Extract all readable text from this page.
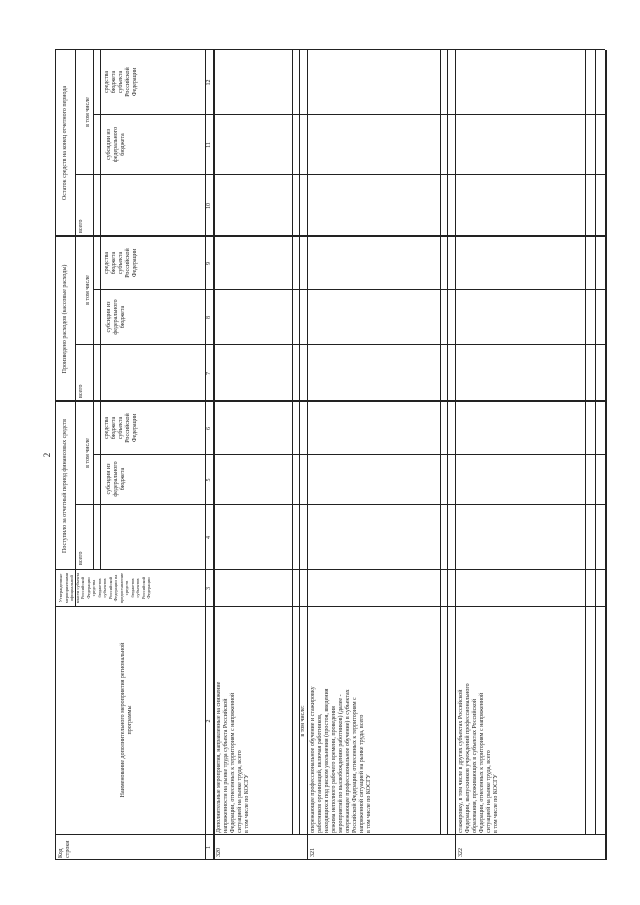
2
Код
строки
Наименование дополнительного мероприятия региональной программы
Утвержденные мероприятиями
официальной власти субъекта
Российской Федерации
средства бюджетов
субъектов Российской
Федерации на
предоставление средств бюджетов
субъектов Российской
Федерации
Поступило за отчетный период финансовых средств
Произведено расходов (кассовые расходы)
Остаток средств на конец отчетного периода
всего
в том числе
всего
в том числе
всего
в том числе
субсидии из
федерального
бюджета
средства
бюджета
субъекта
Российской
Федерации
субсидии из
федерального
бюджета
средства
бюджета
субъекта
Российской
Федерации
субсидии из
федерального
бюджета
средства
бюджета
субъекта
Российской
Федерации
1
2
3
4
5
6
7
8
9
10
11
12
320
Дополнительные мероприятия, направленные на снижение
напряженности на рынке труда субъекта Российской
Федерации, отнесенных к территориям с напряженной
ситуацией на рынке труда, всего
в том числе по КОСГУ
321
в том числе:
опережающее профессиональное обучение и стажировку
работников организаций, включая работников,
находящихся под риском увольнения (простоя, введения
режима неполного рабочего времени, проведения
мероприятий по высвобождению работников) (далее -
опережающее профессиональное обучение) в субъектах
Российской Федерации, отнесенных к территориям с
напряженной ситуацией на рынке труда, всего
в том числе по КОСГУ
322
стажировку, в том числе в других субъектах Российской
Федерации, выпускников учреждений профессионального
образования, проживающих в субъектах Российской
Федерации, отнесенных к территориям с напряженной
ситуацией на рынке труда, всего
в том числе по КОСГУ
